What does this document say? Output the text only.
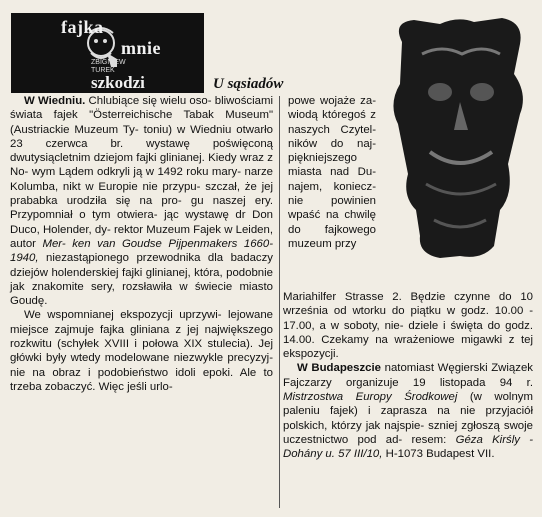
fajka mnie
ZBIGNIEW
TUREK
szkodzi	U sąsiadów

W Wiedniu. Chlubiące się wielu oso- bliwościami świata fajek "Österreichische Tabak Museum" (Austriackie Muzeum Ty- toniu) w Wiedniu otwarło 23 czerwca br. wystawę poświęconą dwutysiącletnim dziejom fajki glinianej. Kiedy wraz z No- wym Lądem odkryli ją w 1492 roku mary- narze Kolumba, nikt w Europie nie przypu- szczał, że jej prababka urodziła się na pro- gu naszej ery. Przypomniał o tym otwiera- jąc wystawę dr Don Duco, Holender, dy- rektor Muzeum Fajek w Leiden, autor Mer- ken van Goudse Pijpenmakers 1660-1940, niezastąpionego przewodnika dla badaczy dziejów holenderskiej fajki glinianej, która, podobnie jak znakomite sery, rozsławiła w świecie miasto Goudę.

We wspomnianej ekspozycji uprzywi- lejowane miejsce zajmuje fajka gliniana z jej największego rozkwitu (schyłek XVIII i połowa XIX stulecia). Jej główki były wtedy modelowane niezwykle precyzyj- nie na obraz i podobieństwo idoli epoki. Ale to trzeba zobaczyć. Więc jeśli urlo-

powe wojaże za- wiodą któregoś z naszych Czytel- ników do naj- piękniejszego miasta nad Du- najem, koniecz- nie powinien wpaść na chwilę do fajkowego muzeum przy

Mariahilfer Strasse 2. Będzie czynne do 10 września od wtorku do piątku w godz. 10.00 - 17.00, a w soboty, nie- dziele i święta do godz. 14.00. Czekamy na wrażeniowe migawki z tej ekspozycji.

W Budapeszcie natomiast Węgierski Związek Fajczarzy organizuje 19 listopada 94 r. Mistrzostwa Europy Środkowej (w wolnym paleniu fajek) i zaprasza na nie przyjaciół polskich, którzy jak najspie- szniej zgłoszą swoje uczestnictwo pod ad- resem: Géza Kirśly - Dohány u. 57 III/10, H-1073 Budapest VII.
